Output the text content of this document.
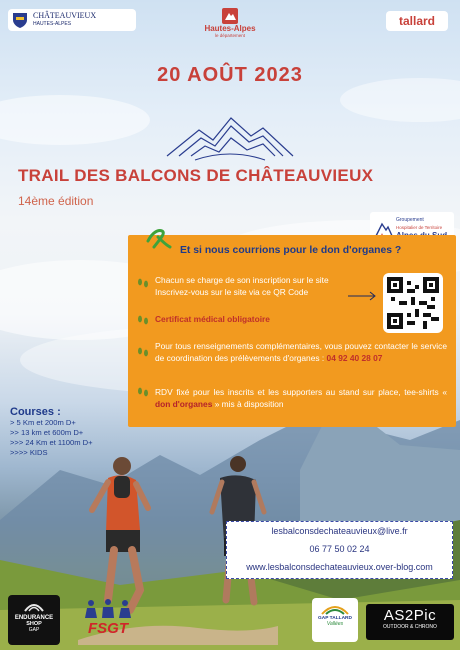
CHÂTEAUVIEUX
HAUTES-ALPES	Hautes-Alpes
le département
tallard
20 AOÛT 2023
TRAIL DES BALCONS DE CHÂTEAUVIEUX
14ème édition
Groupement
Hospitalier de Territoire
Et si nous courrions pour le don d'organes ?
Chacun se charge de son inscription sur le site
Inscrivez-vous sur le site via ce QR Code
Certificat médical obligatoire
Pour tous renseignements complémentaires, vous pouvez contacter le service de coordination des prélèvements d'organes : 04 92 40 28 07
RDV fixé pour les inscrits et les supporters au stand sur place, tee-shirts « don d'organes » mis à disposition
Courses :
> 5 Km et 200m D+
>> 13 km et 600m D+
>>> 24 Km et 1100m D+
>>>> KIDS
lesbalconsdechateauvieux@live.fr
06 77 50 02 24
www.lesbalconsdechateauvieux.over-blog.com
ENDURANCE
SHOP
GAP	FSGT
GAP TALLARD
Vallées	AS2Pic
OUTDOOR & CHRONO
